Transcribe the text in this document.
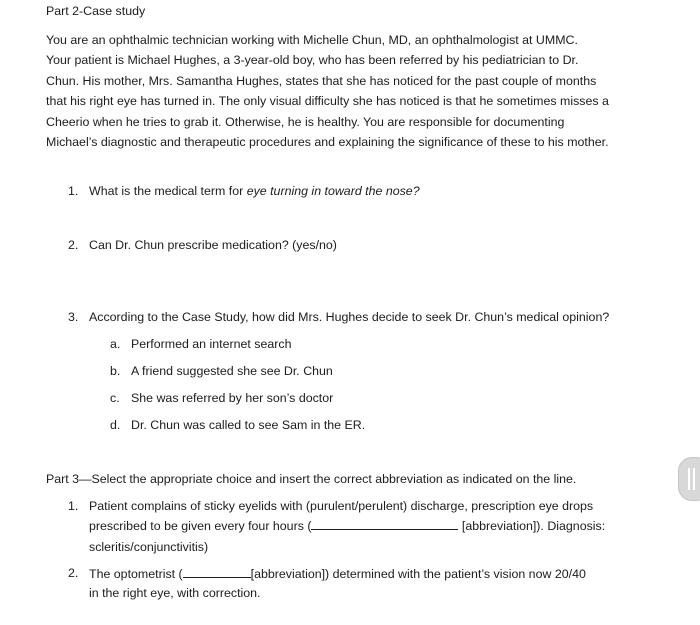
Part 2-Case study

You are an ophthalmic technician working with Michelle Chun, MD, an ophthalmologist at UMMC.

Your patient is Michael Hughes, a 3-year-old boy, who has been referred by his pediatrician to Dr.

Chun. His mother, Mrs. Samantha Hughes, states that she has noticed for the past couple of months

that his right eye has turned in. The only visual difficulty she has noticed is that he sometimes misses a

Cheerio when he tries to grab it. Otherwise, he is healthy. You are responsible for documenting

Michael’s diagnostic and therapeutic procedures and explaining the significance of these to his mother.

1. What is the medical term for eye turning in toward the nose?
2. Can Dr. Chun prescribe medication? (yes/no)
3. According to the Case Study, how did Mrs. Hughes decide to seek Dr. Chun’s medical opinion?
a. Performed an internet search
b. A friend suggested she see Dr. Chun
c. She was referred by her son’s doctor
d. Dr. Chun was called to see Sam in the ER.
Part 3—Select the appropriate choice and insert the correct abbreviation as indicated on the line.
1. Patient complains of sticky eyelids with (purulent/perulent) discharge, prescription eye drops
prescribed to be given every four hours (	[abbreviation]). Diagnosis:
scleritis/conjunctivitis)
2. The optometrist (	[abbreviation]) determined with the patient’s vision now 20/40
in the right eye, with correction.
